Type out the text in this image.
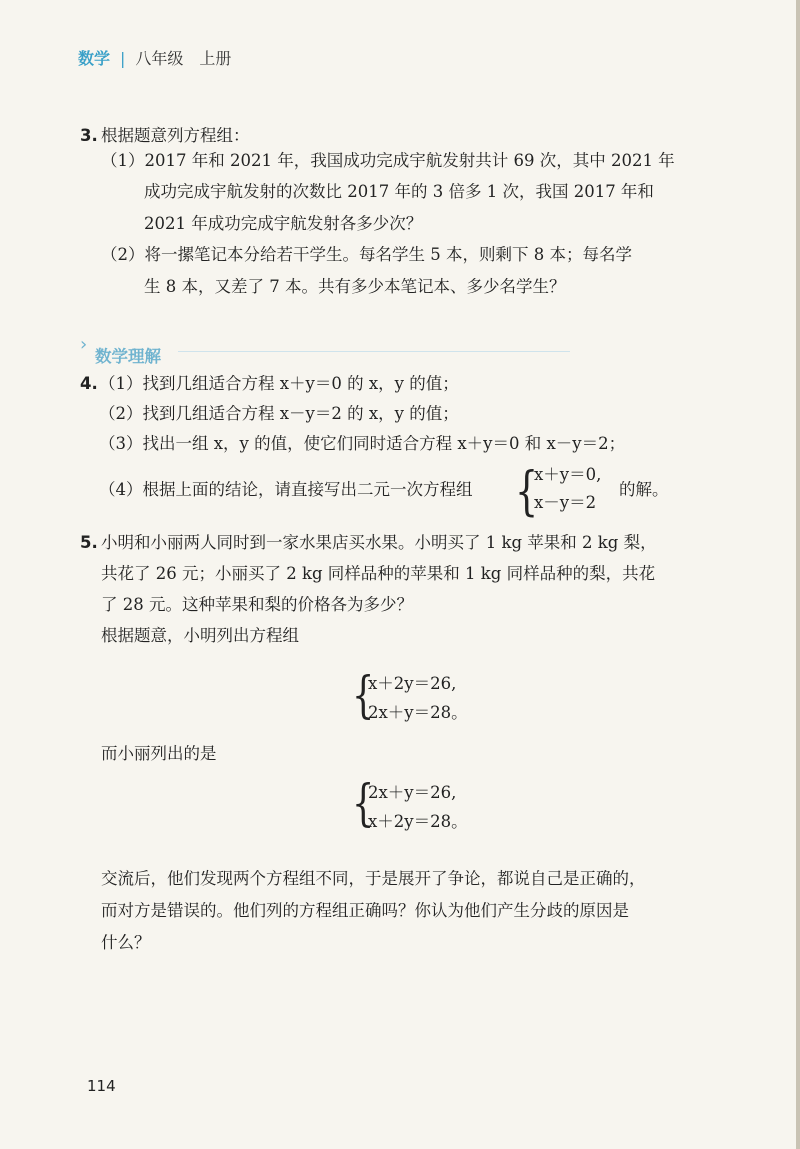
数学 | 八年级　上册
3. 根据题意列方程组：
（1）2017 年和 2021 年，我国成功完成宇航发射共计 69 次，其中 2021 年
成功完成宇航发射的次数比 2017 年的 3 倍多 1 次，我国 2017 年和
2021 年成功完成宇航发射各多少次？
（2）将一摞笔记本分给若干学生。每名学生 5 本，则剩下 8 本；每名学
生 8 本，又差了 7 本。共有多少本笔记本、多少名学生？
›
数学理解
4. （1）找到几组适合方程 x＋y＝0 的 x，y 的值；
（2）找到几组适合方程 x－y＝2 的 x，y 的值；
（3）找出一组 x，y 的值，使它们同时适合方程 x＋y＝0 和 x－y＝2；
（4）根据上面的结论，请直接写出二元一次方程组 {
x＋y＝0,
x－y＝2
的解。
5. 小明和小丽两人同时到一家水果店买水果。小明买了 1 kg 苹果和 2 kg 梨，
共花了 26 元；小丽买了 2 kg 同样品种的苹果和 1 kg 同样品种的梨，共花
了 28 元。这种苹果和梨的价格各为多少？
根据题意，小明列出方程组
{
x＋2y＝26,
2x＋y＝28。
而小丽列出的是
{
2x＋y＝26,
x＋2y＝28。
交流后，他们发现两个方程组不同，于是展开了争论，都说自己是正确的，
而对方是错误的。他们列的方程组正确吗？你认为他们产生分歧的原因是
什么？
114
